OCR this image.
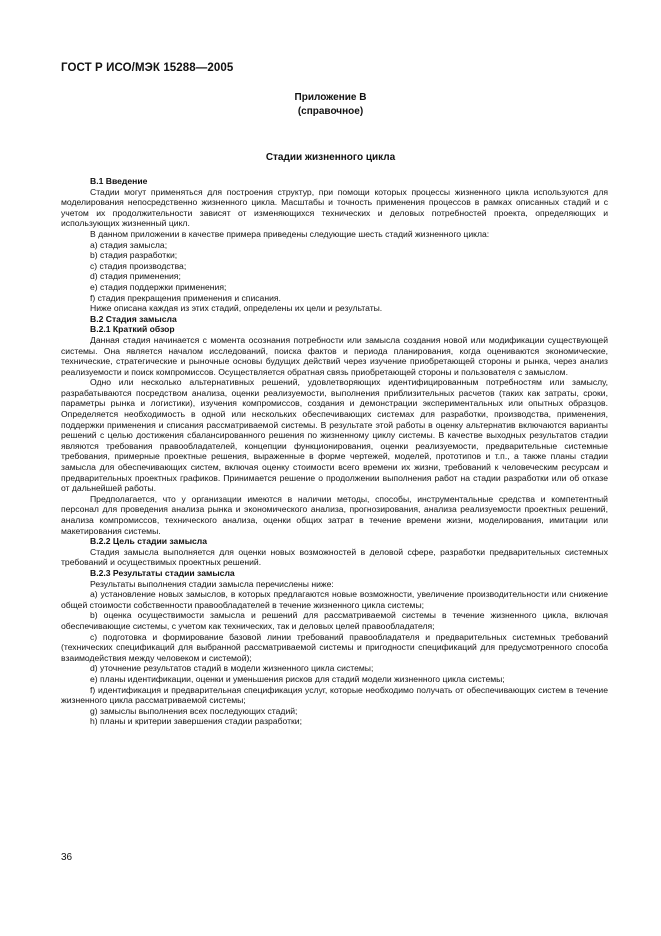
ГОСТ Р ИСО/МЭК 15288—2005
Приложение В
(справочное)
Стадии жизненного цикла

В.1 Введение

Стадии могут применяться для построения структур, при помощи которых процессы жизненного цикла используются для моделирования непосредственно жизненного цикла. Масштабы и точность применения процессов в рамках описанных стадий и с учетом их продолжительности зависят от изменяющихся технических и деловых потребностей проекта, определяющих и использующих жизненный цикл.

В данном приложении в качестве примера приведены следующие шесть стадий жизненного цикла:

a) стадия замысла;

b) стадия разработки;

c) стадия производства;

d) стадия применения;

e) стадия поддержки применения;

f) стадия прекращения применения и списания.

Ниже описана каждая из этих стадий, определены их цели и результаты.

В.2 Стадия замысла

В.2.1 Краткий обзор

Данная стадия начинается с момента осознания потребности или замысла создания новой или модификации существующей системы. Она является началом исследований, поиска фактов и периода планирования, когда оцениваются экономические, технические, стратегические и рыночные основы будущих действий через изучение приобретающей стороны и рынка, через анализ реализуемости и поиск компромиссов. Осуществляется обратная связь приобретающей стороны и пользователя с замыслом.

Одно или несколько альтернативных решений, удовлетворяющих идентифицированным потребностям или замыслу, разрабатываются посредством анализа, оценки реализуемости, выполнения приблизительных расчетов (таких как затраты, сроки, параметры рынка и логистики), изучения компромиссов, создания и демонстрации экспериментальных или опытных образцов. Определяется необходимость в одной или нескольких обеспечивающих системах для разработки, производства, применения, поддержки применения и списания рассматриваемой системы. В результате этой работы в оценку альтернатив включаются варианты решений с целью достижения сбалансированного решения по жизненному циклу системы. В качестве выходных результатов стадии являются требования правообладателей, концепции функционирования, оценки реализуемости, предварительные системные требования, примерные проектные решения, выраженные в форме чертежей, моделей, прототипов и т.п., а также планы стадии замысла для обеспечивающих систем, включая оценку стоимости всего времени их жизни, требований к человеческим ресурсам и предварительных проектных графиков. Принимается решение о продолжении выполнения работ на стадии разработки или об отказе от дальнейшей работы.

Предполагается, что у организации имеются в наличии методы, способы, инструментальные средства и компетентный персонал для проведения анализа рынка и экономического анализа, прогнозирования, анализа реализуемости проектных решений, анализа компромиссов, технического анализа, оценки общих затрат в течение времени жизни, моделирования, имитации или макетирования системы.

В.2.2 Цель стадии замысла

Стадия замысла выполняется для оценки новых возможностей в деловой сфере, разработки предварительных системных требований и осуществимых проектных решений.

В.2.3 Результаты стадии замысла

Результаты выполнения стадии замысла перечислены ниже:

a) установление новых замыслов, в которых предлагаются новые возможности, увеличение производительности или снижение общей стоимости собственности правообладателей в течение жизненного цикла системы;

b) оценка осуществимости замысла и решений для рассматриваемой системы в течение жизненного цикла, включая обеспечивающие системы, с учетом как технических, так и деловых целей правообладателя;

c) подготовка и формирование базовой линии требований правообладателя и предварительных системных требований (технических спецификаций для выбранной рассматриваемой системы и пригодности спецификаций для предусмотренного способа взаимодействия между человеком и системой);

d) уточнение результатов стадий в модели жизненного цикла системы;

e) планы идентификации, оценки и уменьшения рисков для стадий модели жизненного цикла системы;

f) идентификация и предварительная спецификация услуг, которые необходимо получать от обеспечивающих систем в течение жизненного цикла рассматриваемой системы;

g) замыслы выполнения всех последующих стадий;

h) планы и критерии завершения стадии разработки;

36
